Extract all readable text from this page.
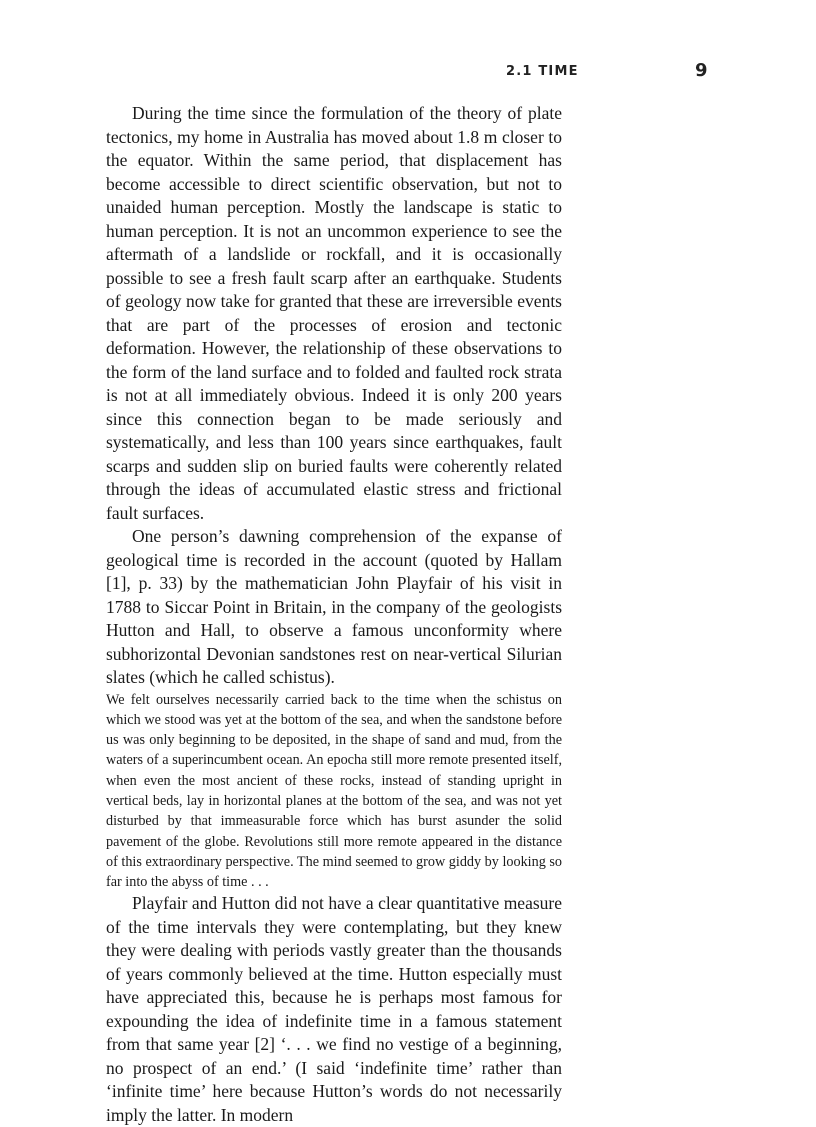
2.1 TIME	9

During the time since the formulation of the theory of plate tectonics, my home in Australia has moved about 1.8 m closer to the equator. Within the same period, that displacement has become accessible to direct scientific observation, but not to unaided human perception. Mostly the landscape is static to human perception. It is not an uncommon experience to see the aftermath of a landslide or rockfall, and it is occasionally possible to see a fresh fault scarp after an earthquake. Students of geology now take for granted that these are irreversible events that are part of the processes of erosion and tectonic deformation. However, the relationship of these observations to the form of the land surface and to folded and faulted rock strata is not at all immediately obvious. Indeed it is only 200 years since this connection began to be made seriously and systematically, and less than 100 years since earthquakes, fault scarps and sudden slip on buried faults were coherently related through the ideas of accumulated elastic stress and frictional fault surfaces.

One person’s dawning comprehension of the expanse of geological time is recorded in the account (quoted by Hallam [1], p. 33) by the mathematician John Playfair of his visit in 1788 to Siccar Point in Britain, in the company of the geologists Hutton and Hall, to observe a famous unconformity where subhorizontal Devonian sandstones rest on near-vertical Silurian slates (which he called schistus).

We felt ourselves necessarily carried back to the time when the schistus on which we stood was yet at the bottom of the sea, and when the sandstone before us was only beginning to be deposited, in the shape of sand and mud, from the waters of a superincumbent ocean. An epocha still more remote presented itself, when even the most ancient of these rocks, instead of standing upright in vertical beds, lay in horizontal planes at the bottom of the sea, and was not yet disturbed by that immeasurable force which has burst asunder the solid pavement of the globe. Revolutions still more remote appeared in the distance of this extraordinary perspective. The mind seemed to grow giddy by looking so far into the abyss of time . . .

Playfair and Hutton did not have a clear quantitative measure of the time intervals they were contemplating, but they knew they were dealing with periods vastly greater than the thousands of years commonly believed at the time. Hutton especially must have appreciated this, because he is perhaps most famous for expounding the idea of indefinite time in a famous statement from that same year [2] ‘. . . we find no vestige of a beginning, no prospect of an end.’ (I said ‘indefinite time’ rather than ‘infinite time’ here because Hutton’s words do not necessarily imply the latter. In modern
